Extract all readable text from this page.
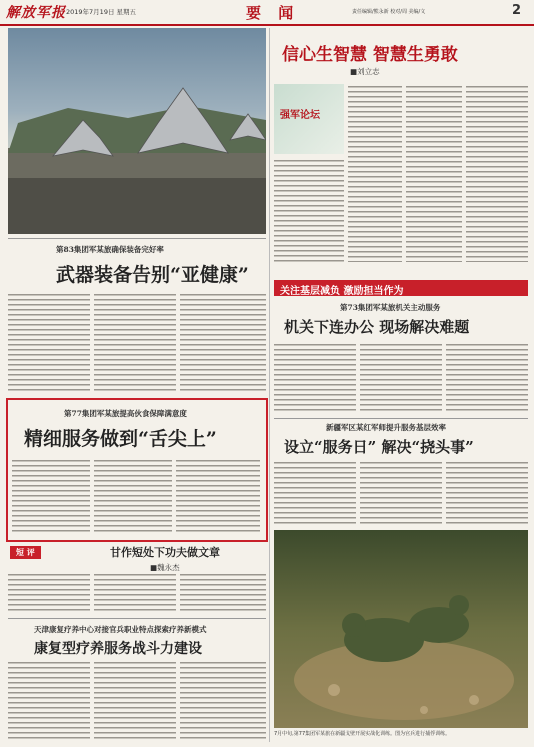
解放军报 2019年7月19日 星期五	要 闻	责任编辑/熊永新 校对/周 美编/文	2
信心生智慧 智慧生勇敢
■刘立志
强军论坛
第83集团军某旅确保装备完好率
武器装备告别“亚健康”
第77集团军某旅提高伙食保障满意度
精细服务做到“舌尖上”
短 评	甘作短处下功夫做文章
■魏永杰
天津康复疗养中心对接官兵职业特点探索疗养新模式
康复型疗养服务战斗力建设
关注基层减负 激励担当作为
第73集团军某旅机关主动服务
机关下连办公 现场解决难题
新疆军区某红军师提升服务基层效率
设立“服务日” 解决“挠头事”
7月中旬,第77集团军某旅在新疆戈壁开展实战化训练。图为官兵进行捕俘训练。
